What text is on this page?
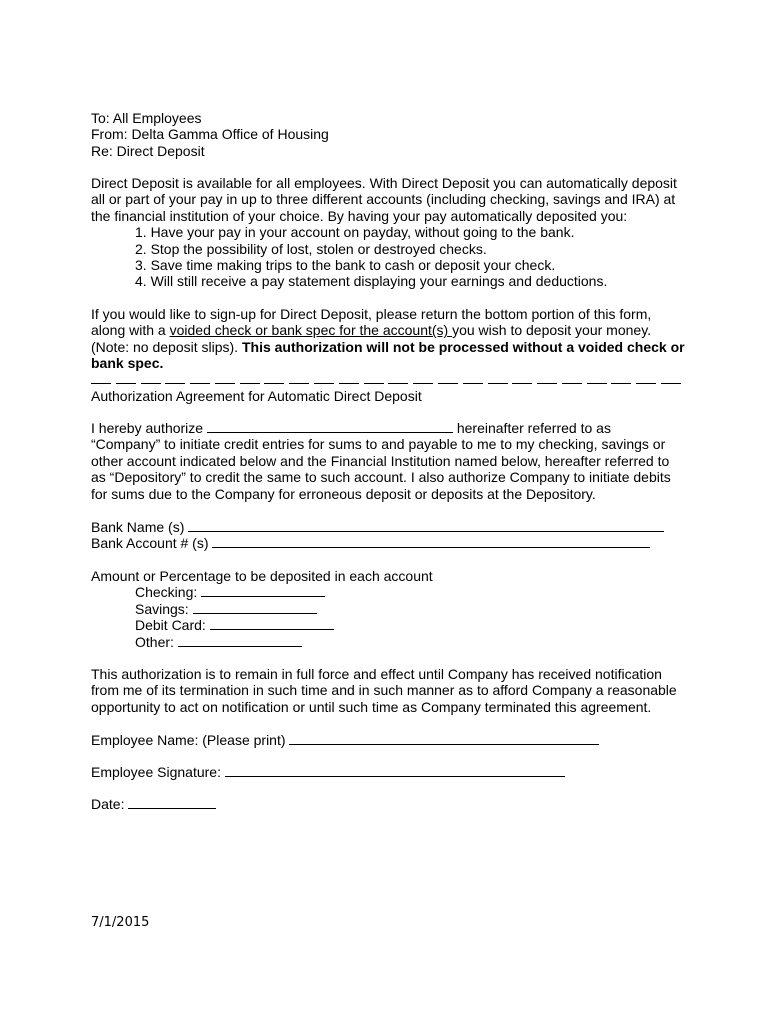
To: All Employees
From: Delta Gamma Office of Housing
Re: Direct Deposit
Direct Deposit is available for all employees. With Direct Deposit you can automatically deposit
all or part of your pay in up to three different accounts (including checking, savings and IRA) at
the financial institution of your choice. By having your pay automatically deposited you:
1. Have your pay in your account on payday, without going to the bank.
2. Stop the possibility of lost, stolen or destroyed checks.
3. Save time making trips to the bank to cash or deposit your check.
4. Will still receive a pay statement displaying your earnings and deductions.
If you would like to sign-up for Direct Deposit, please return the bottom portion of this form,
along with a voided check or bank spec for the account(s) you wish to deposit your money.
(Note: no deposit slips). This authorization will not be processed without a voided check or
bank spec.
Authorization Agreement for Automatic Direct Deposit
I hereby authorize	hereinafter referred to as
“Company” to initiate credit entries for sums to and payable to me to my checking, savings or
other account indicated below and the Financial Institution named below, hereafter referred to
as “Depository” to credit the same to such account. I also authorize Company to initiate debits
for sums due to the Company for erroneous deposit or deposits at the Depository.
Bank Name (s)
Bank Account # (s)
Amount or Percentage to be deposited in each account
Checking:
Savings:
Debit Card:
Other:
This authorization is to remain in full force and effect until Company has received notification
from me of its termination in such time and in such manner as to afford Company a reasonable
opportunity to act on notification or until such time as Company terminated this agreement.
Employee Name: (Please print)
Employee Signature:
Date:
7/1/2015
